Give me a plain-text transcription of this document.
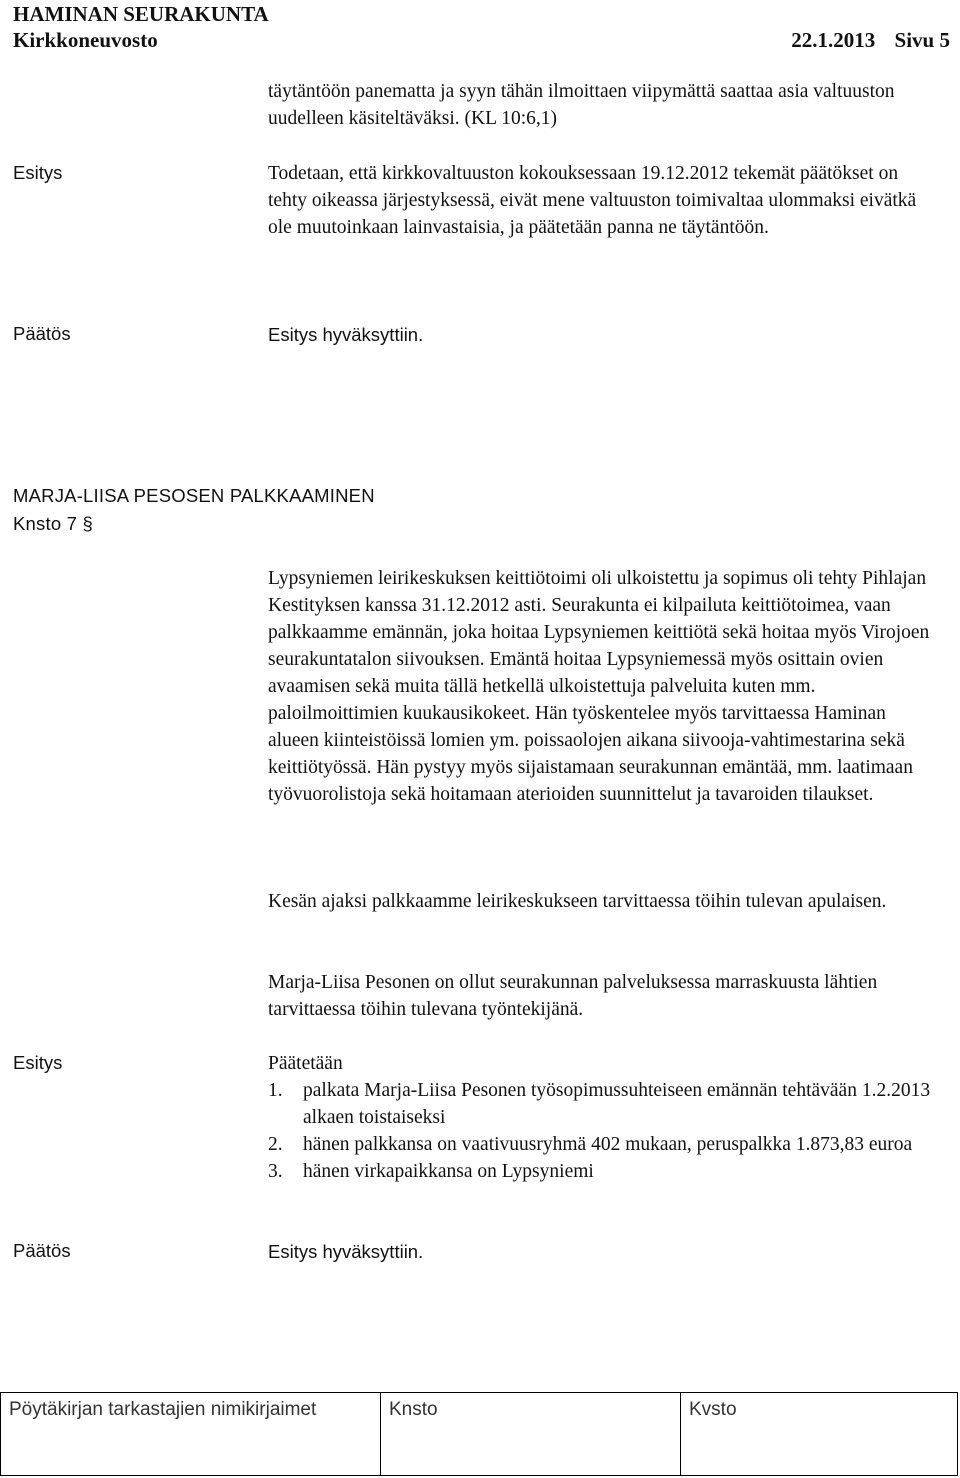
HAMINAN SEURAKUNTA
Kirkkoneuvosto	22.1.2013 Sivu 5
täytäntöön panematta ja syyn tähän ilmoittaen viipymättä saattaa asia valtuuston uudelleen käsiteltäväksi. (KL 10:6,1)
Esitys	Todetaan, että kirkkovaltuuston kokouksessaan 19.12.2012 tekemät päätökset on tehty oikeassa järjestyksessä, eivät mene valtuuston toimivaltaa ulommaksi eivätkä ole muutoinkaan lainvastaisia, ja päätetään panna ne täytäntöön.
Päätös	Esitys hyväksyttiin.
MARJA-LIISA PESOSEN PALKKAAMINEN
Knsto 7 §
Lypsyniemen leirikeskuksen keittiötoimi oli ulkoistettu ja sopimus oli tehty Pihlajan Kestityksen kanssa 31.12.2012 asti. Seurakunta ei kilpailuta keittiötoimea, vaan palkkaamme emännän, joka hoitaa Lypsyniemen keittiötä sekä hoitaa myös Virojoen seurakuntatalon siivouksen. Emäntä hoitaa Lypsyniemessä myös osittain ovien avaamisen sekä muita tällä hetkellä ulkoistettuja palveluita kuten mm. paloilmoittimien kuukausikokeet. Hän työskentelee myös tarvittaessa Haminan alueen kiinteistöissä lomien ym. poissaolojen aikana siivooja-vahtimestarina sekä keittiötyössä. Hän pystyy myös sijaistamaan seurakunnan emäntää, mm. laatimaan työvuorolistoja sekä hoitamaan aterioiden suunnittelut ja tavaroiden tilaukset.
Kesän ajaksi palkkaamme leirikeskukseen tarvittaessa töihin tulevan apulaisen.
Marja-Liisa Pesonen on ollut seurakunnan palveluksessa marraskuusta lähtien tarvittaessa töihin tulevana työntekijänä.
Esitys	Päätetään
1.	palkata Marja-Liisa Pesonen työsopimussuhteiseen emännän tehtävään 1.2.2013 alkaen toistaiseksi
2.	hänen palkkansa on vaativuusryhmä 402 mukaan, peruspalkka 1.873,83 euroa
3.	hänen virkapaikkansa on Lypsyniemi
Päätös	Esitys hyväksyttiin.
Pöytäkirjan tarkastajien nimikirjaimet	Knsto	Kvsto
